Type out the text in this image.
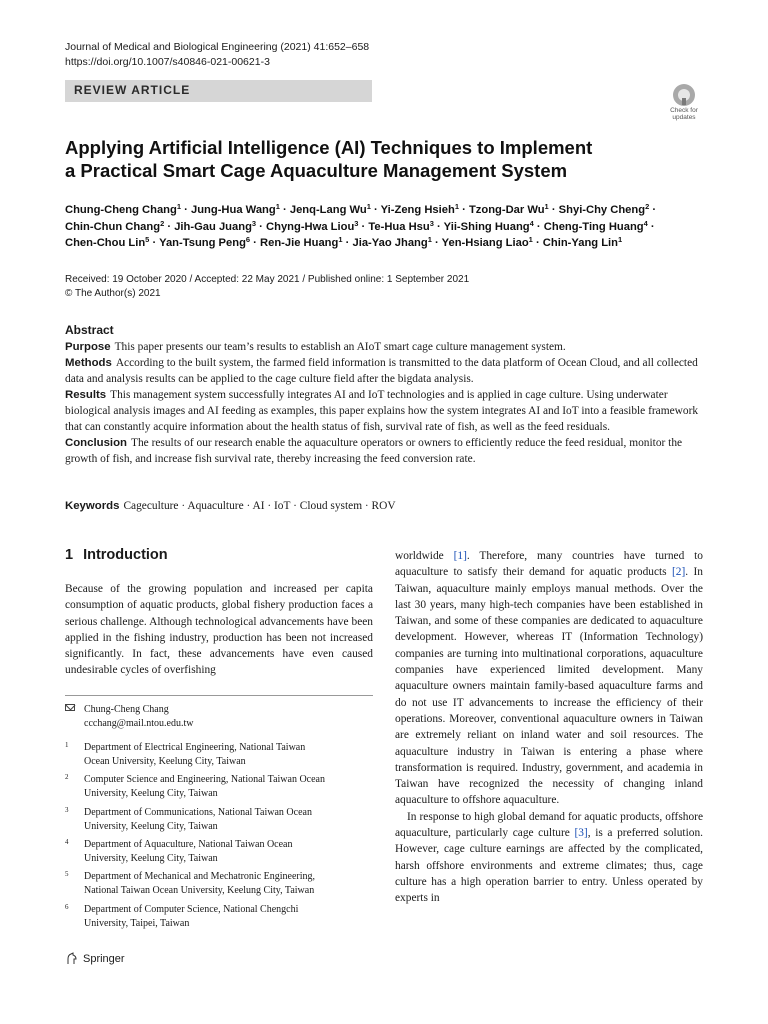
Journal of Medical and Biological Engineering (2021) 41:652–658
https://doi.org/10.1007/s40846-021-00621-3
REVIEW ARTICLE
Check for
updates
Applying Artificial Intelligence (AI) Techniques to Implement
a Practical Smart Cage Aquaculture Management System
Chung-Cheng Chang$^1$ · Jung-Hua Wang$^1$ · Jenq-Lang $Wu^1$ · Yi-Zeng Hsieh$^1$ · Tzong-Dar $Wu^1$ · Shyi-Chy Cheng$^2$ ·
Chin-Chun Chang$^2$ · Jih-Gau Juang$^3$ · Chyng-Hwa Liou$^3$ · Te-Hua Hsu$^3$ · Yii-Shing Huang$^4$ · Cheng-Ting Huang$^4$ ·
Chen-Chou Lin$^5$ · Yan-Tsung Peng$^6$ · Ren-Jie Huang$^1$ · Jia-Yao Jhang$^1$ · Yen-Hsiang Liao$^1$ · Chin-Yang Lin$^1$
Received: 19 October 2020 / Accepted: 22 May 2021 / Published online: 1 September 2021
© The Author(s) 2021
Abstract
Purpose This paper presents our team’s results to establish an AIoT smart cage culture management system.
Methods According to the built system, the farmed field information is transmitted to the data platform of Ocean Cloud, and all collected data and analysis results can be applied to the cage culture field after the bigdata analysis.
Results This management system successfully integrates AI and IoT technologies and is applied in cage culture. Using underwater biological analysis images and AI feeding as examples, this paper explains how the system integrates AI and IoT into a feasible framework that can constantly acquire information about the health status of fish, survival rate of fish, as well as the feed residuals.
Conclusion The results of our research enable the aquaculture operators or owners to efficiently reduce the feed residual, monitor the growth of fish, and increase fish survival rate, thereby increasing the feed conversion rate.
Keywords Cageculture · Aquaculture · AI · IoT · Cloud system · ROV
1 Introduction
Because of the growing population and increased per capita consumption of aquatic products, global fishery production faces a serious challenge. Although technological advancements have been applied in the fishing industry, production has been not increased significantly. In fact, these advancements have even caused undesirable cycles of overfishing
Chung-Cheng Chang
ccchang@mail.ntou.edu.tw
1 Department of Electrical Engineering, National Taiwan
Ocean University, Keelung City, Taiwan
2 Computer Science and Engineering, National Taiwan Ocean
University, Keelung City, Taiwan
3 Department of Communications, National Taiwan Ocean
University, Keelung City, Taiwan
4 Department of Aquaculture, National Taiwan Ocean
University, Keelung City, Taiwan
5 Department of Mechanical and Mechatronic Engineering,
National Taiwan Ocean University, Keelung City, Taiwan
6 Department of Computer Science, National Chengchi
University, Taipei, Taiwan

worldwide [1]. Therefore, many countries have turned to aquaculture to satisfy their demand for aquatic products [2]. In Taiwan, aquaculture mainly employs manual methods. Over the last 30 years, many high-tech companies have been established in Taiwan, and some of these companies are dedicated to aquaculture development. However, whereas IT (Information Technology) companies are turning into multinational corporations, aquaculture companies have experienced limited development. Many aquaculture owners maintain family-based aquaculture farms and do not use IT advancements to increase the efficiency of their operations. Moreover, conventional aquaculture owners in Taiwan are extremely reliant on inland water and soil resources. The aquaculture industry in Taiwan is entering a phase where transformation is required. Industry, government, and academia in Taiwan have recognized the necessity of changing inland aquaculture to offshore aquaculture.

In response to high global demand for aquatic products, offshore aquaculture, particularly cage culture [3], is a preferred solution. However, cage culture earnings are affected by the complicated, harsh offshore environments and extreme climates; thus, cage culture has a high operation barrier to entry. Unless operated by experts in

Springer
